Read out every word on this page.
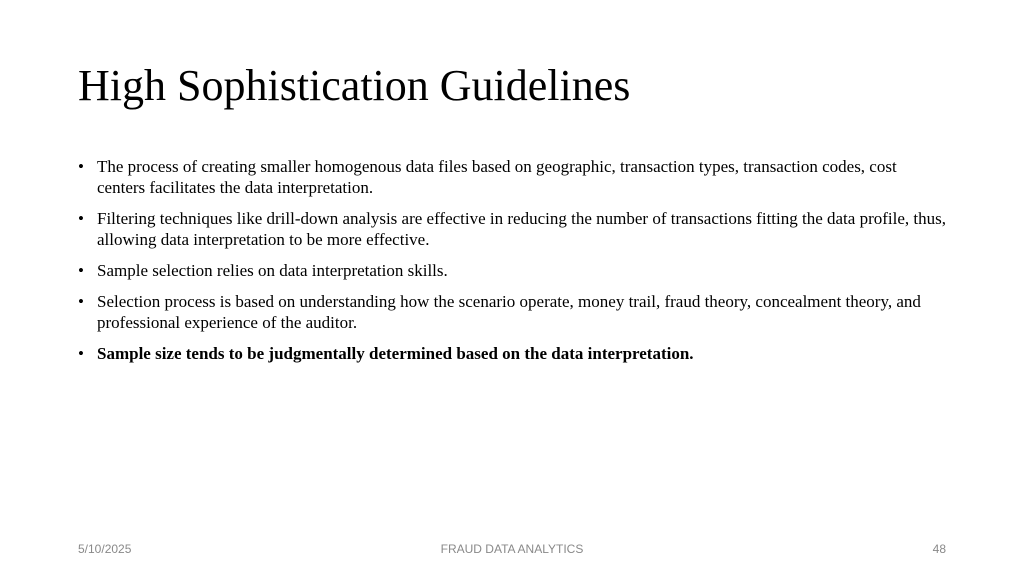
High Sophistication Guidelines
• The process of creating smaller homogenous data files based on geographic, transaction types, transaction codes, cost centers facilitates the data interpretation.
• Filtering techniques like drill-down analysis are effective in reducing the number of transactions fitting the data profile, thus, allowing data interpretation to be more effective.
• Sample selection relies on data interpretation skills.
• Selection process is based on understanding how the scenario operate, money trail, fraud theory, concealment theory, and professional experience of the auditor.
• Sample size tends to be judgmentally determined based on the data interpretation.
5/10/2025	FRAUD DATA ANALYTICS	48
